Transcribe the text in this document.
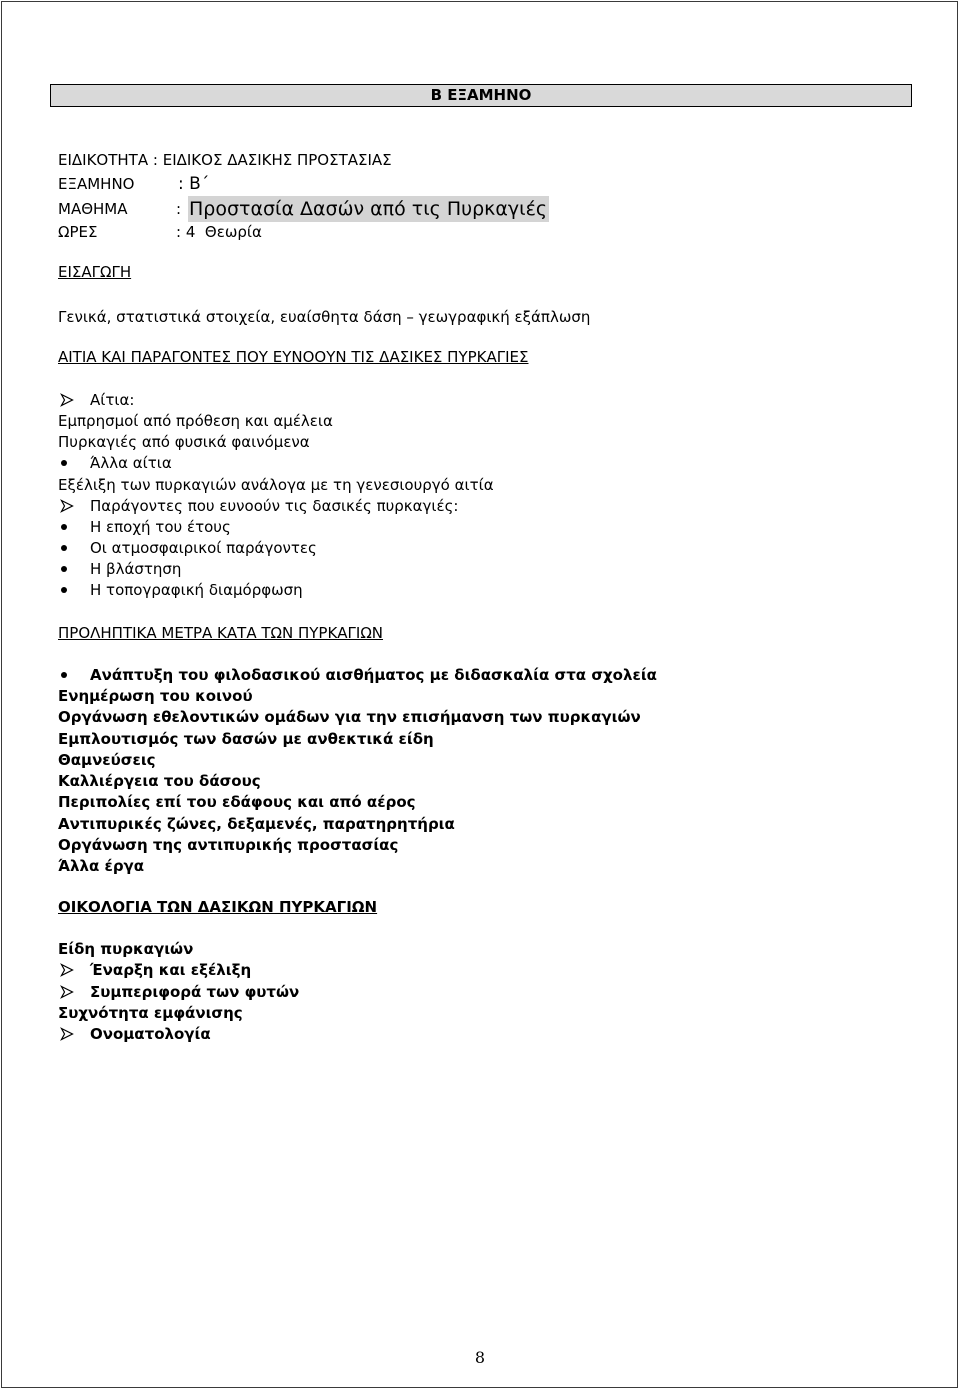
Β ΕΞΑΜΗΝΟ
ΕΙΔΙΚΟΤΗΤΑ
: ΕΙΔΙΚΟΣ ΔΑΣΙΚΗΣ ΠΡΟΣΤΑΣΙΑΣ
ΕΞΑΜΗΝΟ	: Β΄
ΜΑΘΗΜΑ	: Προστασία Δασών από τις Πυρκαγιές
ΩΡΕΣ	: 4  Θεωρία
ΕΙΣΑΓΩΓΗ
Γενικά, στατιστικά στοιχεία, ευαίσθητα δάση – γεωγραφική εξάπλωση
ΑΙΤΙΑ ΚΑΙ ΠΑΡΑΓΟΝΤΕΣ ΠΟΥ ΕΥΝΟΟΥΝ ΤΙΣ ΔΑΣΙΚΕΣ ΠΥΡΚΑΓΙΕΣ
Αίτια:
Εμπρησμοί από πρόθεση και αμέλεια
Πυρκαγιές από φυσικά φαινόμενα
Άλλα αίτια
Εξέλιξη των πυρκαγιών ανάλογα με τη γενεσιουργό αιτία
Παράγοντες που ευνοούν τις δασικές πυρκαγιές:
Η εποχή του έτους
Οι ατμοσφαιρικοί παράγοντες
Η βλάστηση
Η τοπογραφική διαμόρφωση
ΠΡΟΛΗΠΤΙΚΑ ΜΕΤΡΑ ΚΑΤΑ ΤΩΝ ΠΥΡΚΑΓΙΩΝ
Ανάπτυξη του φιλοδασικού αισθήματος με διδασκαλία στα σχολεία
Ενημέρωση του κοινού
Οργάνωση εθελοντικών ομάδων για την επισήμανση των πυρκαγιών
Εμπλουτισμός των δασών με ανθεκτικά είδη
Θαμνεύσεις
Καλλιέργεια του δάσους
Περιπολίες επί του εδάφους και από αέρος
Αντιπυρικές ζώνες, δεξαμενές, παρατηρητήρια
Οργάνωση της αντιπυρικής προστασίας
Άλλα έργα
ΟΙΚΟΛΟΓΙΑ ΤΩΝ ΔΑΣΙΚΩΝ ΠΥΡΚΑΓΙΩΝ
Είδη πυρκαγιών
Έναρξη και εξέλιξη
Συμπεριφορά των φυτών
Συχνότητα εμφάνισης
Ονοματολογία
8
